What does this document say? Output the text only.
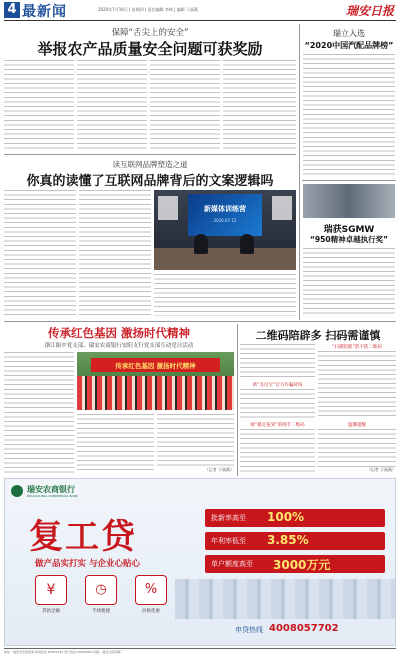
4 最新闻	2020年7月16日 | 星期四 | 责任编辑 李林 | 编辑 于丽燕	瑞安日报
保障“舌尖上的安全”
举报农产品质量安全问题可获奖励
瑞立入选
“2020中国汽配品牌榜”
读互联网品牌塑造之道
你真的读懂了互联网品牌背后的文案逻辑吗
新媒体训练营
2020.07.15
瑞获SGMW
“950精神卓越执行奖”
传承红色基因 激扬时代精神
浙江振中党支部、瑞安农商银行安阳支行党支部互动党日活动
传承红色基因 激扬时代精神
（记者 于丽燕）
二维码陪辟多 扫码需谨慎
“扫描陪跌”防不防二维码
被“支付宝”官方诈骗转钱
被“极定报到”的网手二维码	温馨提醒
（记者 于丽燕）
瑞安农商银行
RUIAN RURAL COMMERCIAL BANK
复工贷
做产品实打实 与企业心贴心
¥
贷款足额
◷
手续便捷
%
价格优惠
批新率高至 100%
年利率低至 3.85%
单户额度高至 3000万元
申贷热线 4008057702
地址：瑞安市安阳街道 新闻热线 65833310 发行热线 65830000 印刷：瑞安日报印刷厂
